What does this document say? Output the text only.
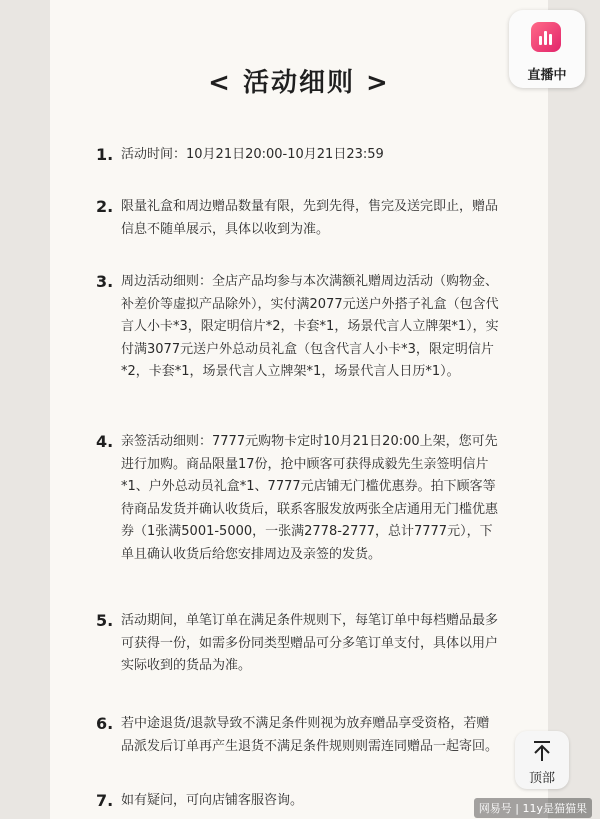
< 活动细则 >
1. 活动时间：10月21日20:00-10月21日23:59
2. 限量礼盒和周边赠品数量有限，先到先得，售完及送完即止，赠品信息不随单展示，具体以收到为准。
3. 周边活动细则：全店产品均参与本次满额礼赠周边活动（购物金、补差价等虚拟产品除外），实付满2077元送户外搭子礼盒（包含代言人小卡*3，限定明信片*2，卡套*1，场景代言人立牌架*1），实付满3077元送户外总动员礼盒（包含代言人小卡*3，限定明信片*2，卡套*1，场景代言人立牌架*1，场景代言人日历*1）。
4. 亲签活动细则：7777元购物卡定时10月21日20:00上架，您可先进行加购。商品限量17份，抢中顾客可获得成毅先生亲签明信片*1、户外总动员礼盒*1、7777元店铺无门槛优惠券。拍下顾客等待商品发货并确认收货后，联系客服发放两张全店通用无门槛优惠券（1张满5001-5000，一张满2778-2777，总计7777元），下单且确认收货后给您安排周边及亲签的发货。
5. 活动期间，单笔订单在满足条件规则下，每笔订单中每档赠品最多可获得一份，如需多份同类型赠品可分多笔订单支付，具体以用户实际收到的货品为准。
6. 若中途退货/退款导致不满足条件则视为放弃赠品享受资格，若赠品派发后订单再产生退货不满足条件规则则需连同赠品一起寄回。
7. 如有疑问，可向店铺客服咨询。
直播中
顶部
网易号 | 11y是猫猫果
